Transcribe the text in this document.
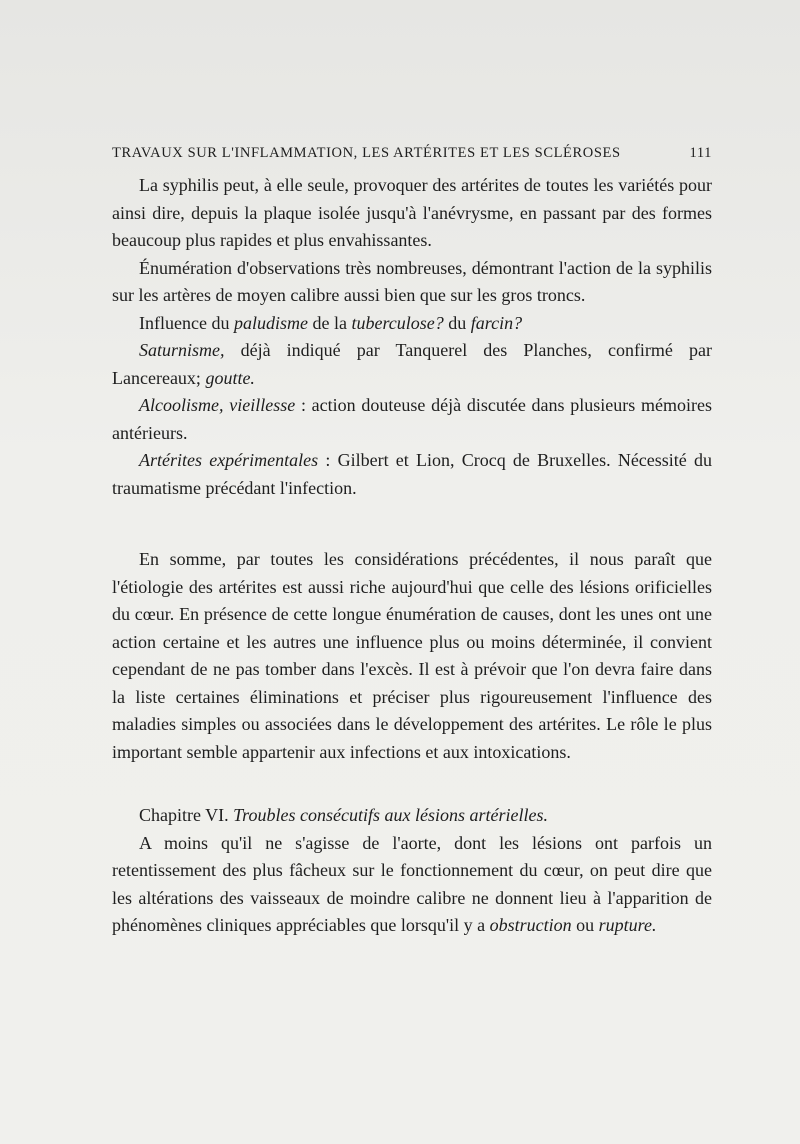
TRAVAUX SUR L'INFLAMMATION, LES ARTÉRITES ET LES SCLÉROSES	111

La syphilis peut, à elle seule, provoquer des artérites de toutes les variétés pour ainsi dire, depuis la plaque isolée jusqu'à l'anévrysme, en passant par des formes beaucoup plus rapides et plus envahissantes.

Énumération d'observations très nombreuses, démontrant l'action de la syphilis sur les artères de moyen calibre aussi bien que sur les gros troncs.

Influence du paludisme de la tuberculose? du farcin?

Saturnisme, déjà indiqué par Tanquerel des Planches, confirmé par Lancereaux; goutte.

Alcoolisme, vieillesse : action douteuse déjà discutée dans plusieurs mémoires antérieurs.

Artérites expérimentales : Gilbert et Lion, Crocq de Bruxelles. Nécessité du traumatisme précédant l'infection.

En somme, par toutes les considérations précédentes, il nous paraît que l'étiologie des artérites est aussi riche aujourd'hui que celle des lésions orificielles du cœur. En présence de cette longue énumération de causes, dont les unes ont une action certaine et les autres une influence plus ou moins déterminée, il convient cependant de ne pas tomber dans l'excès. Il est à prévoir que l'on devra faire dans la liste certaines éliminations et préciser plus rigoureusement l'influence des maladies simples ou associées dans le développement des artérites. Le rôle le plus important semble appartenir aux infections et aux intoxications.

Chapitre VI. Troubles consécutifs aux lésions artérielles.

A moins qu'il ne s'agisse de l'aorte, dont les lésions ont parfois un retentissement des plus fâcheux sur le fonctionnement du cœur, on peut dire que les altérations des vaisseaux de moindre calibre ne donnent lieu à l'apparition de phénomènes cliniques appréciables que lorsqu'il y a obstruction ou rupture.
